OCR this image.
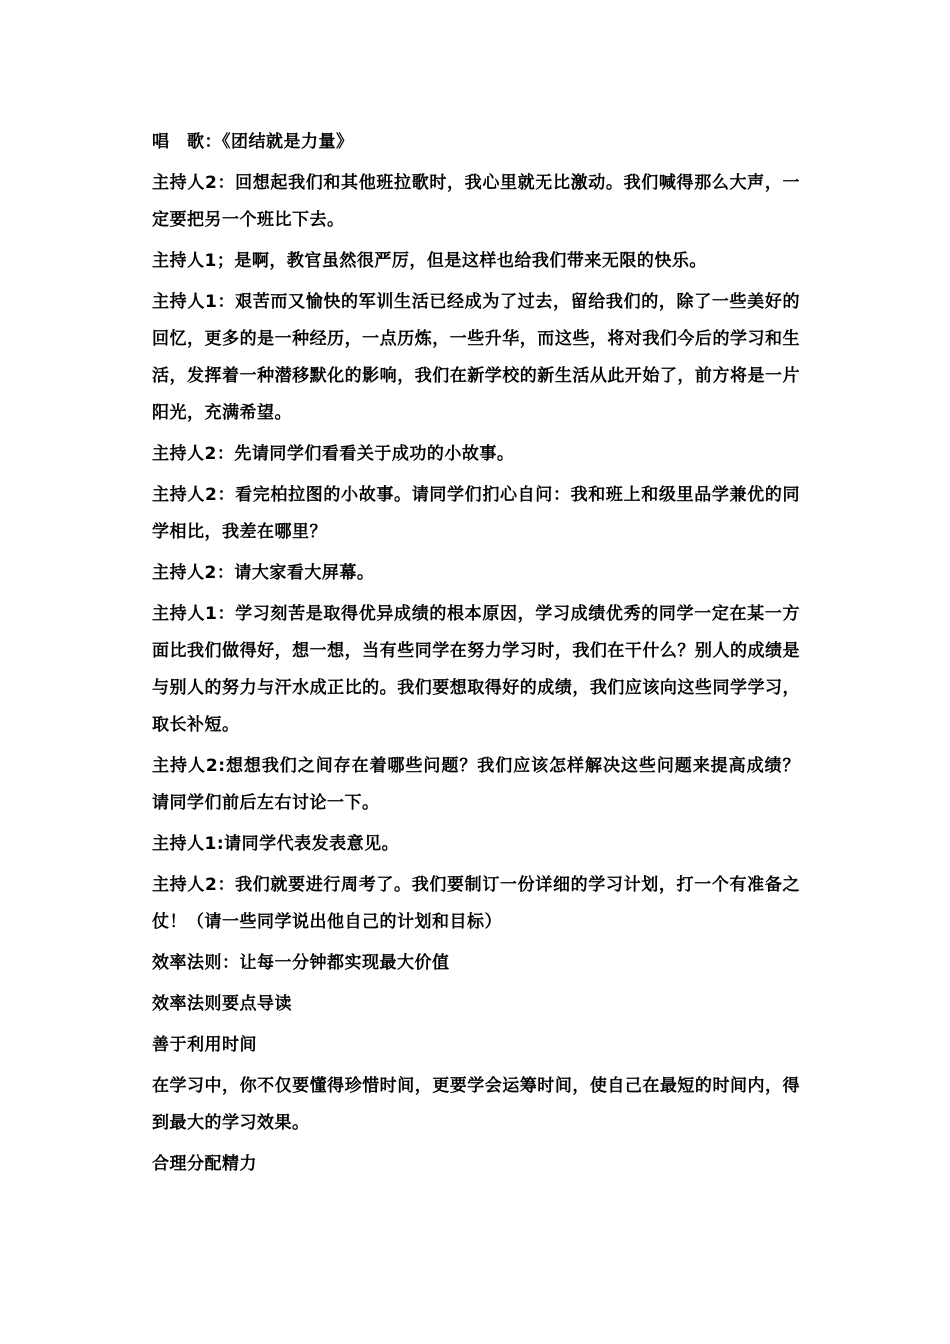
唱　歌：《团结就是力量》

主持人2：回想起我们和其他班拉歌时，我心里就无比激动。我们喊得那么大声，一定要把另一个班比下去。

主持人1；是啊，教官虽然很严厉，但是这样也给我们带来无限的快乐。

主持人1：艰苦而又愉快的军训生活已经成为了过去，留给我们的，除了一些美好的回忆，更多的是一种经历，一点历炼，一些升华，而这些，将对我们今后的学习和生活，发挥着一种潜移默化的影响，我们在新学校的新生活从此开始了，前方将是一片阳光，充满希望。

主持人2：先请同学们看看关于成功的小故事。

主持人2：看完柏拉图的小故事。请同学们扪心自问：我和班上和级里品学兼优的同学相比，我差在哪里？

主持人2：请大家看大屏幕。

主持人1：学习刻苦是取得优异成绩的根本原因，学习成绩优秀的同学一定在某一方面比我们做得好，想一想，当有些同学在努力学习时，我们在干什么？别人的成绩是与别人的努力与汗水成正比的。我们要想取得好的成绩，我们应该向这些同学学习，取长补短。

主持人2:想想我们之间存在着哪些问题？我们应该怎样解决这些问题来提高成绩？请同学们前后左右讨论一下。

主持人1:请同学代表发表意见。

主持人2：我们就要进行周考了。我们要制订一份详细的学习计划，打一个有准备之仗！（请一些同学说出他自己的计划和目标）

效率法则：让每一分钟都实现最大价值

效率法则要点导读

善于利用时间

在学习中，你不仅要懂得珍惜时间，更要学会运筹时间，使自己在最短的时间内，得到最大的学习效果。

合理分配精力
